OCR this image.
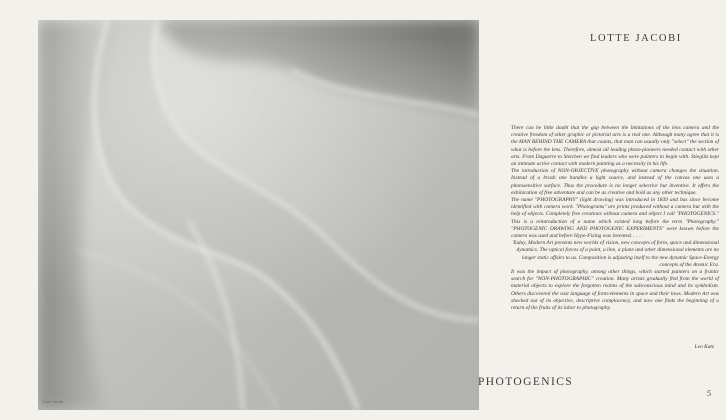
Lotte Jacobi
LOTTE JACOBI

There can be little doubt that the gap between the limitations of the lens camera and the creative freedom of other graphic or pictorial arts is a real one. Although many agree that it is the MAN BEHIND THE CAMERA that counts, that man can usually only "select" the section of what is before the lens. Therefore, almost all leading photo-pioneers needed contact with other arts. From Daguerre to Steichen we find leaders who were painters to begin with. Stieglitz kept an intimate active contact with modern painting as a necessity in his life.

The introduction of NON-OBJECTIVE photography without camera changes the situation. Instead of a brush one handles a light source, and instead of the canvas one uses a photosensitive surface. Thus the procedure is no longer selective but inventive. It offers the exhilaration of free adventure and can be as creative and bold as any other technique.

The name "PHOTOGRAPHY" (light drawing) was introduced in 1839 and has since become identified with camera work. "Photograms" are prints produced without a camera but with the help of objects. Completely free creations without camera and object I call "PHOTOGENICS." This is a reintroduction of a name which existed long before the term "Photography." "PHOTOGENIC DRAWING AND PHOTOGENIC EXPERIMENTS" were known before the camera was used and before Hypo-Fixing was invented. . . . .

Today, Modern Art presents new worlds of vision, new concepts of form, space and dimensional dynamics. The optical forces of a point, a line, a plane and other dimensional elements are no longer static affairs to us. Composition is adjusting itself to the new dynamic Space-Energy concepts of the Atomic Era.

It was the impact of photography, among other things, which started painters on a frantic search for "NON-PHOTOGRAPHIC" creation. Many artists gradually fled from the world of material objects to explore the forgotten realms of the subconscious mind and its symbolism. Others discovered the vast language of form-elements in space and their laws. Modern Art was shocked out of its objective, descriptive complacency, and now one finds the beginning of a return of the fruits of its labor to photography.

Leo Katz
PHOTOGENICS
5
